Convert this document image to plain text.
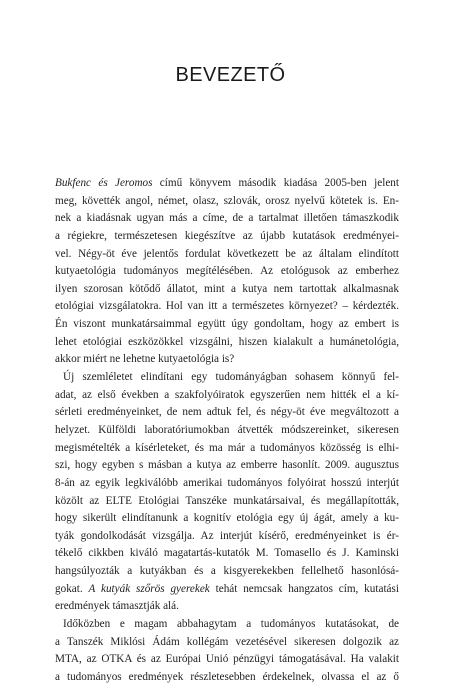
BEVEZETŐ
Bukfenc és Jeromos című könyvem második kiadása 2005-ben jelent
meg, követték angol, német, olasz, szlovák, orosz nyelvű kötetek is. En-
nek a kiadásnak ugyan más a címe, de a tartalmat illetően támaszkodik
a régiekre, természetesen kiegészítve az újabb kutatások eredményei-
vel. Négy-öt éve jelentős fordulat következett be az általam elindított
kutyaetológia tudományos megítélésében. Az etológusok az emberhez
ilyen szorosan kötődő állatot, mint a kutya nem tartottak alkalmasnak
etológiai vizsgálatokra. Hol van itt a természetes környezet? – kérdezték.
Én viszont munkatársaimmal együtt úgy gondoltam, hogy az embert is
lehet etológiai eszközökkel vizsgálni, hiszen kialakult a humánetológia,
akkor miért ne lehetne kutyaetológia is?
Új szemléletet elindítani egy tudományágban sohasem könnyű fel-
adat, az első években a szakfolyóiratok egyszerűen nem hitték el a kí-
sérleti eredményeinket, de nem adtuk fel, és négy-öt éve megváltozott a
helyzet. Külföldi laboratóriumokban átvették módszereinket, sikeresen
megismételték a kísérleteket, és ma már a tudományos közösség is elhi-
szi, hogy egyben s másban a kutya az emberre hasonlít. 2009. augusztus
8-án az egyik legkiválóbb amerikai tudományos folyóirat hosszú interjút
közölt az ELTE Etológiai Tanszéke munkatársaival, és megállapították,
hogy sikerült elindítanunk a kognitív etológia egy új ágát, amely a ku-
tyák gondolkodását vizsgálja. Az interjút kísérő, eredményeinket is ér-
tékelő cikkben kiváló magatartás-kutatók M. Tomasello és J. Kaminski
hangsúlyozták a kutyákban és a kisgyerekekben fellelhető hasonlósá-
gokat. A kutyák szőrös gyerekek tehát nemcsak hangzatos cím, kutatási
eredmények támasztják alá.
Időközben e magam abbahagytam a tudományos kutatásokat, de
a Tanszék Miklósi Ádám kollégám vezetésével sikeresen dolgozik az
MTA, az OTKA és az Európai Unió pénzügyi támogatásával. Ha valakit
a tudományos eredmények részletesebben érdekelnek, olvassa el az ő
